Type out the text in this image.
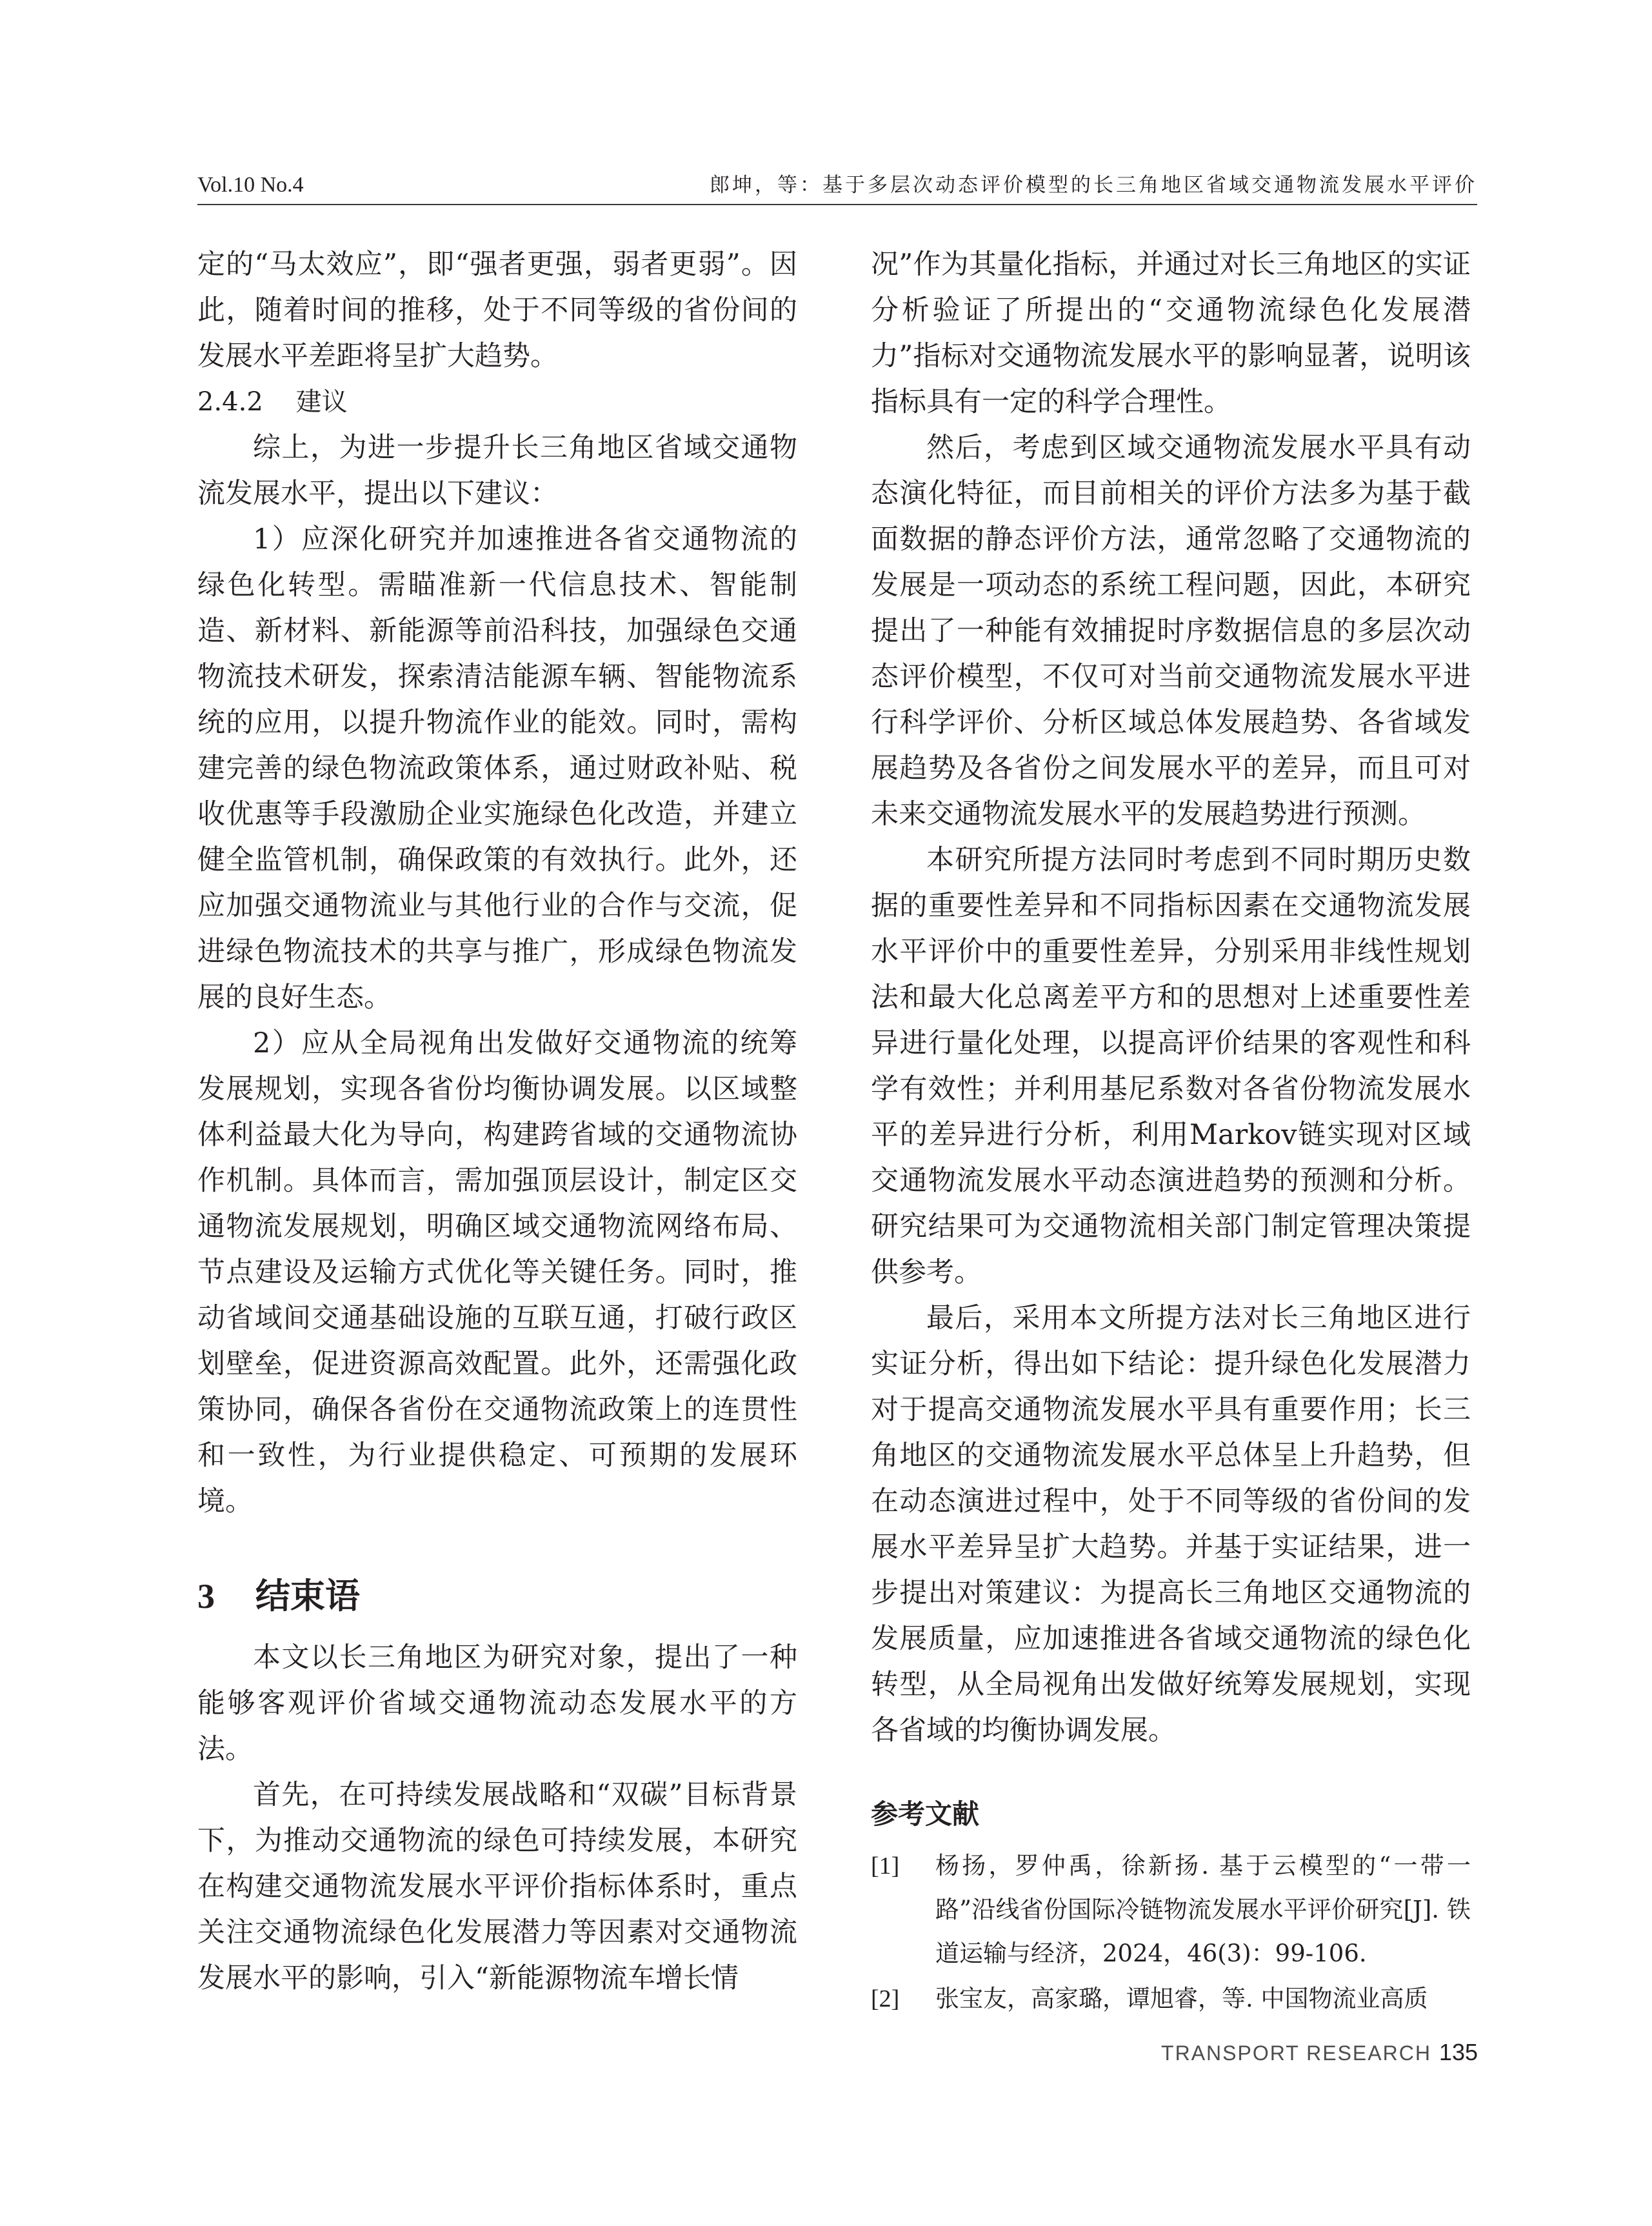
Vol.10 No.4	郎坤，等：基于多层次动态评价模型的长三角地区省域交通物流发展水平评价

定的“马太效应”，即“强者更强，弱者更弱”。因此，随着时间的推移，处于不同等级的省份间的发展水平差距将呈扩大趋势。

2.4.2 建议

综上，为进一步提升长三角地区省域交通物流发展水平，提出以下建议：

1）应深化研究并加速推进各省交通物流的绿色化转型。需瞄准新一代信息技术、智能制造、新材料、新能源等前沿科技，加强绿色交通物流技术研发，探索清洁能源车辆、智能物流系统的应用，以提升物流作业的能效。同时，需构建完善的绿色物流政策体系，通过财政补贴、税收优惠等手段激励企业实施绿色化改造，并建立健全监管机制，确保政策的有效执行。此外，还应加强交通物流业与其他行业的合作与交流，促进绿色物流技术的共享与推广，形成绿色物流发展的良好生态。

2）应从全局视角出发做好交通物流的统筹发展规划，实现各省份均衡协调发展。以区域整体利益最大化为导向，构建跨省域的交通物流协作机制。具体而言，需加强顶层设计，制定区交通物流发展规划，明确区域交通物流网络布局、节点建设及运输方式优化等关键任务。同时，推动省域间交通基础设施的互联互通，打破行政区划壁垒，促进资源高效配置。此外，还需强化政策协同，确保各省份在交通物流政策上的连贯性和一致性，为行业提供稳定、可预期的发展环境。

3 结束语

本文以长三角地区为研究对象，提出了一种能够客观评价省域交通物流动态发展水平的方法。

首先，在可持续发展战略和“双碳”目标背景下，为推动交通物流的绿色可持续发展，本研究在构建交通物流发展水平评价指标体系时，重点关注交通物流绿色化发展潜力等因素对交通物流发展水平的影响，引入“新能源物流车增长情

况”作为其量化指标，并通过对长三角地区的实证分析验证了所提出的“交通物流绿色化发展潜力”指标对交通物流发展水平的影响显著，说明该指标具有一定的科学合理性。

然后，考虑到区域交通物流发展水平具有动态演化特征，而目前相关的评价方法多为基于截面数据的静态评价方法，通常忽略了交通物流的发展是一项动态的系统工程问题，因此，本研究提出了一种能有效捕捉时序数据信息的多层次动态评价模型，不仅可对当前交通物流发展水平进行科学评价、分析区域总体发展趋势、各省域发展趋势及各省份之间发展水平的差异，而且可对未来交通物流发展水平的发展趋势进行预测。

本研究所提方法同时考虑到不同时期历史数据的重要性差异和不同指标因素在交通物流发展水平评价中的重要性差异，分别采用非线性规划法和最大化总离差平方和的思想对上述重要性差异进行量化处理，以提高评价结果的客观性和科学有效性；并利用基尼系数对各省份物流发展水平的差异进行分析，利用Markov链实现对区域交通物流发展水平动态演进趋势的预测和分析。研究结果可为交通物流相关部门制定管理决策提供参考。

最后，采用本文所提方法对长三角地区进行实证分析，得出如下结论：提升绿色化发展潜力对于提高交通物流发展水平具有重要作用；长三角地区的交通物流发展水平总体呈上升趋势，但在动态演进过程中，处于不同等级的省份间的发展水平差异呈扩大趋势。并基于实证结果，进一步提出对策建议：为提高长三角地区交通物流的发展质量，应加速推进各省域交通物流的绿色化转型，从全局视角出发做好统筹发展规划，实现各省域的均衡协调发展。

参考文献
[1] 杨扬，罗仲禹，徐新扬. 基于云模型的“一带一路”沿线省份国际冷链物流发展水平评价研究[J]. 铁道运输与经济，2024，46(3)：99-106.
[2] 张宝友，高家璐，谭旭睿，等. 中国物流业高质
TRANSPORT RESEARCH 135
